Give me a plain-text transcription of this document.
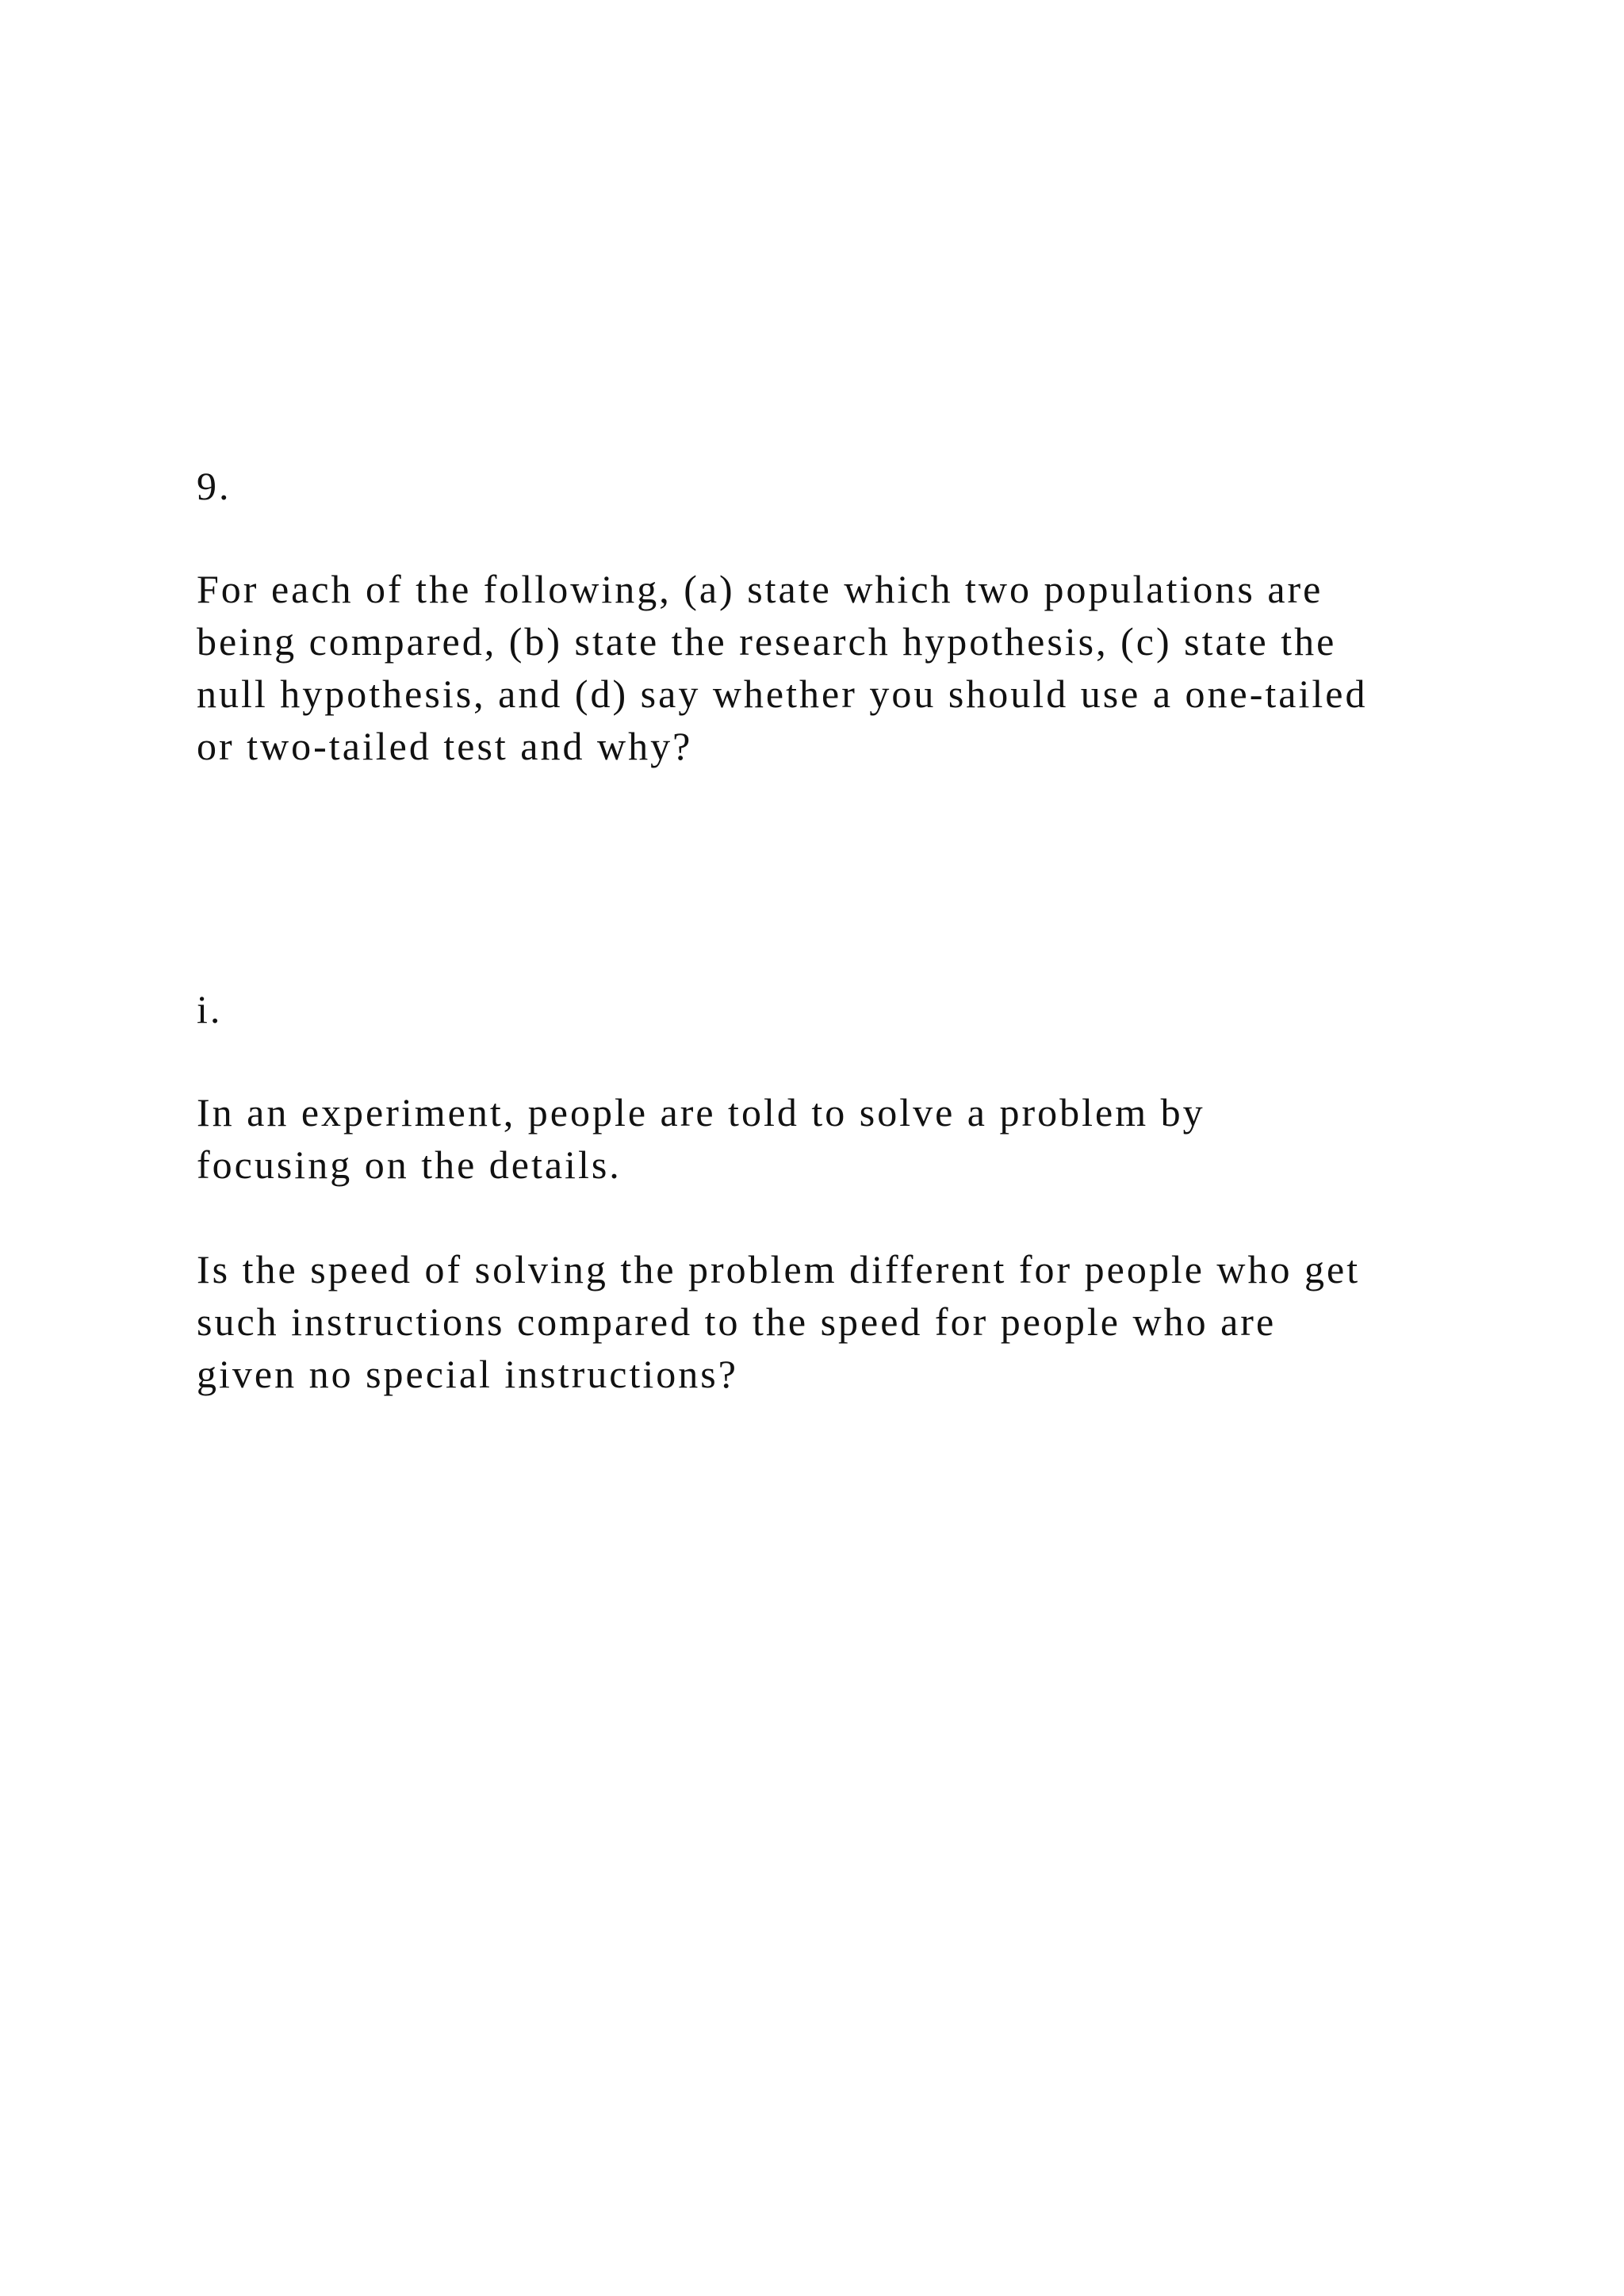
9.

For each of the following, (a) state which two populations are

being compared, (b) state the research hypothesis, (c) state the

null hypothesis, and (d) say whether you should use a one-tailed

or two-tailed test and why?

i.

In an experiment, people are told to solve a problem by

focusing on the details.

Is the speed of solving the problem different for people who get

such instructions compared to the speed for people who are

given no special instructions?
